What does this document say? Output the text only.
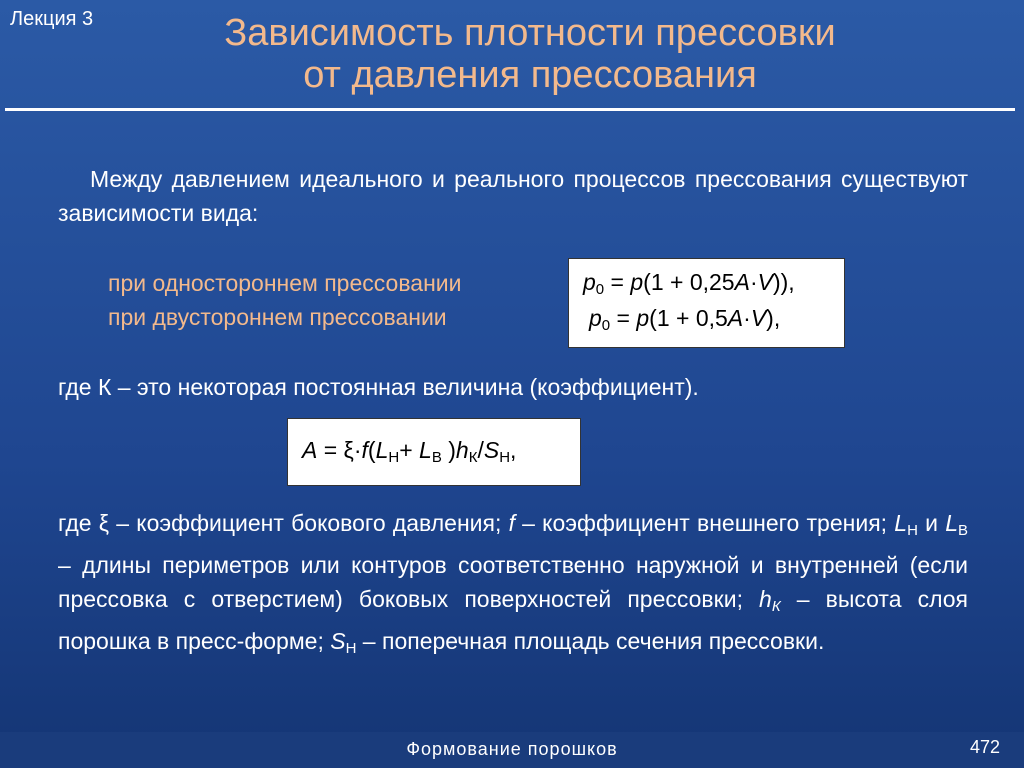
Лекция 3	Зависимость плотности прессовки
от давления прессования
Между давлением идеального и реального процессов прессования существуют зависимости вида:
при одностороннем прессовании
при двустороннем прессовании
$p_0 = p(1 + 0,25A\cdot V)$),
$p_0 = p(1 + 0,5A\cdot V)$,
где К – это некоторая постоянная величина (коэффициент).
$A = \xi\cdot f(L_Н+ L_В$ )$h_К/S_Н$,
где ξ – коэффициент бокового давления; f – коэффициент внешнего трения; $L_Н$ и $L_В$ – длины периметров или контуров соответственно наружной и внутренней (если прессовка с отверстием) боковых поверхностей прессовки; $h_К$ – высота слоя порошка в пресс-форме; $S_Н$ – поперечная площадь сечения прессовки.
Формование порошков	472
